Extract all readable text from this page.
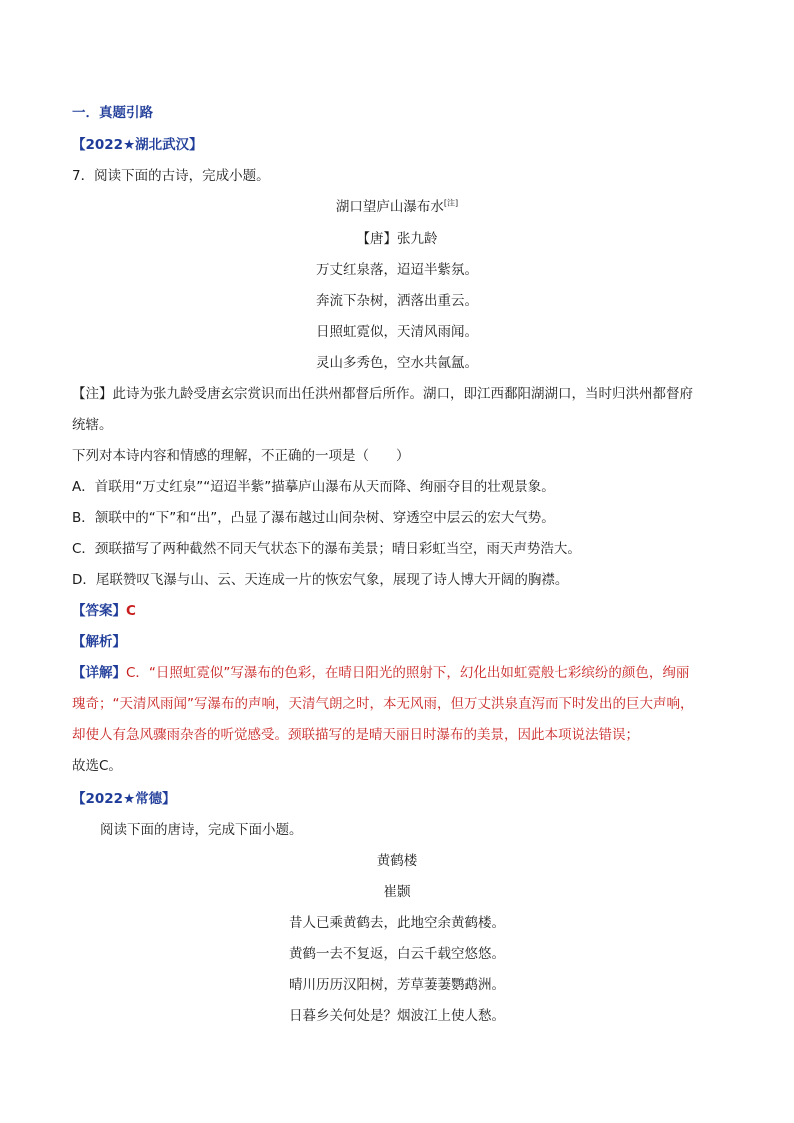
一．真题引路
【2022★湖北武汉】
7．阅读下面的古诗，完成小题。
湖口望庐山瀑布水[注]
【唐】张九龄
万丈红泉落，迢迢半紫氛。
奔流下杂树，洒落出重云。
日照虹霓似，天清风雨闻。
灵山多秀色，空水共氤氲。
【注】此诗为张九龄受唐玄宗赏识而出任洪州都督后所作。湖口，即江西鄱阳湖湖口，当时归洪州都督府
统辖。
下列对本诗内容和情感的理解，不正确的一项是（　　）
A．首联用“万丈红泉”“迢迢半紫”描摹庐山瀑布从天而降、绚丽夺目的壮观景象。
B．颔联中的“下”和“出”，凸显了瀑布越过山间杂树、穿透空中层云的宏大气势。
C．颈联描写了两种截然不同天气状态下的瀑布美景；晴日彩虹当空，雨天声势浩大。
D．尾联赞叹飞瀑与山、云、天连成一片的恢宏气象，展现了诗人博大开阔的胸襟。
【答案】C
【解析】
【详解】C．“日照虹霓似”写瀑布的色彩，在晴日阳光的照射下，幻化出如虹霓般七彩缤纷的颜色，绚丽
瑰奇；“天清风雨闻”写瀑布的声响，天清气朗之时，本无风雨，但万丈洪泉直泻而下时发出的巨大声响，
却使人有急风骤雨杂沓的听觉感受。颈联描写的是晴天丽日时瀑布的美景，因此本项说法错误；
故选C。
【2022★常德】
阅读下面的唐诗，完成下面小题。
黄鹤楼
崔颢
昔人已乘黄鹤去，此地空余黄鹤楼。
黄鹤一去不复返，白云千载空悠悠。
晴川历历汉阳树，芳草萋萋鹦鹉洲。
日暮乡关何处是？烟波江上使人愁。
